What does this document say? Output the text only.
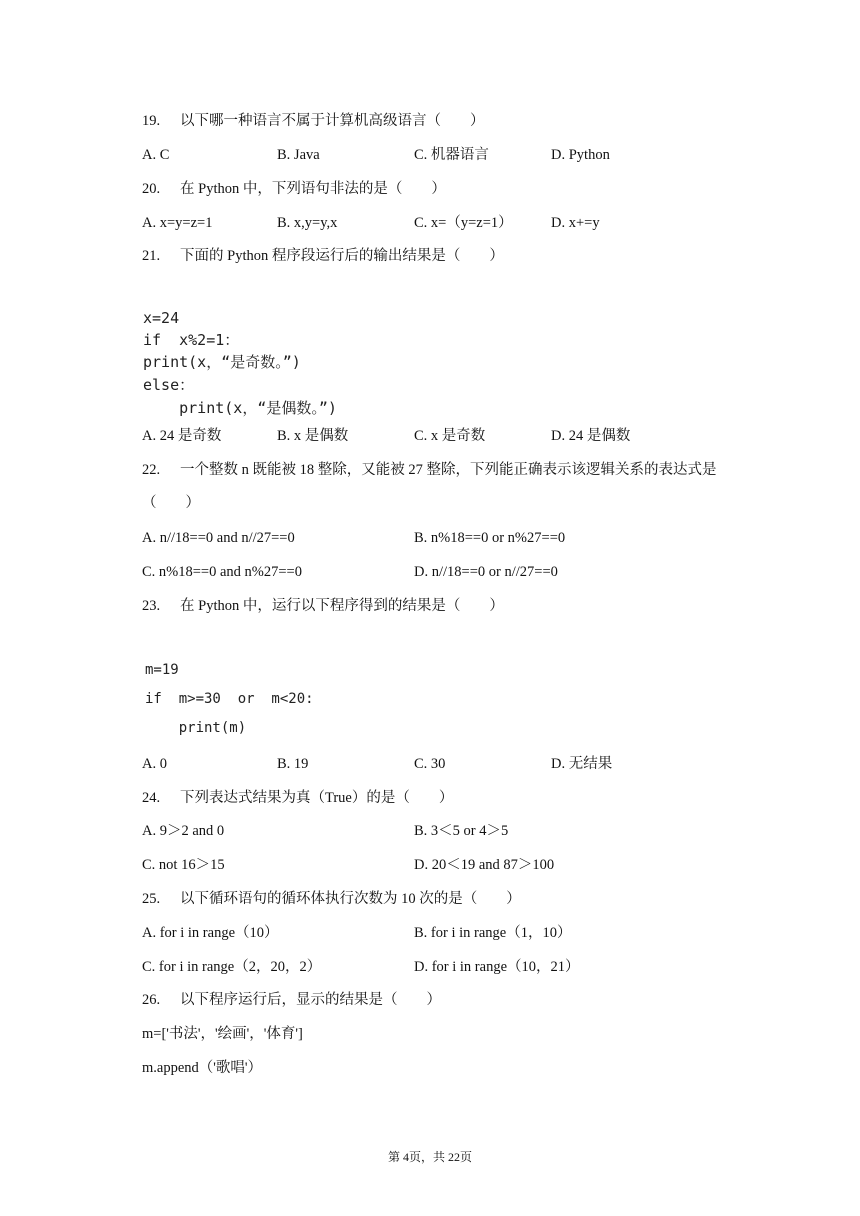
19. 以下哪一种语言不属于计算机高级语言（　　）
A. C	B. Java	C. 机器语言	D. Python
20. 在 Python 中，下列语句非法的是（　　）
A. x=y=z=1	B. x,y=y,x	C. x=（y=z=1）	D. x+=y
21. 下面的 Python 程序段运行后的输出结果是（　　）
x=24
if  x%2=1：
print(x，“是奇数。”)
else：
print(x，“是偶数。”)
A. 24 是奇数	B. x 是偶数	C. x 是奇数	D. 24 是偶数
22. 一个整数 n 既能被 18 整除，又能被 27 整除，下列能正确表示该逻辑关系的表达式是
（　　）
A. n//18==0 and n//27==0	B. n%18==0 or n%27==0
C. n%18==0 and n%27==0	D. n//18==0 or n//27==0
23. 在 Python 中，运行以下程序得到的结果是（　　）
m=19
if  m>=30  or  m<20:
print(m)
A. 0	B. 19	C. 30	D. 无结果
24. 下列表达式结果为真（True）的是（　　）
A. 9＞2 and 0	B. 3＜5 or 4＞5
C. not 16＞15	D. 20＜19 and 87＞100
25. 以下循环语句的循环体执行次数为 10 次的是（　　）
A. for i in range（10）	B. for i in range（1，10）
C. for i in range（2，20，2）	D. for i in range（10，21）
26. 以下程序运行后，显示的结果是（　　）
m=['书法'，'绘画'，'体育']
m.append（'歌唱'）
第 4页，共 22页
